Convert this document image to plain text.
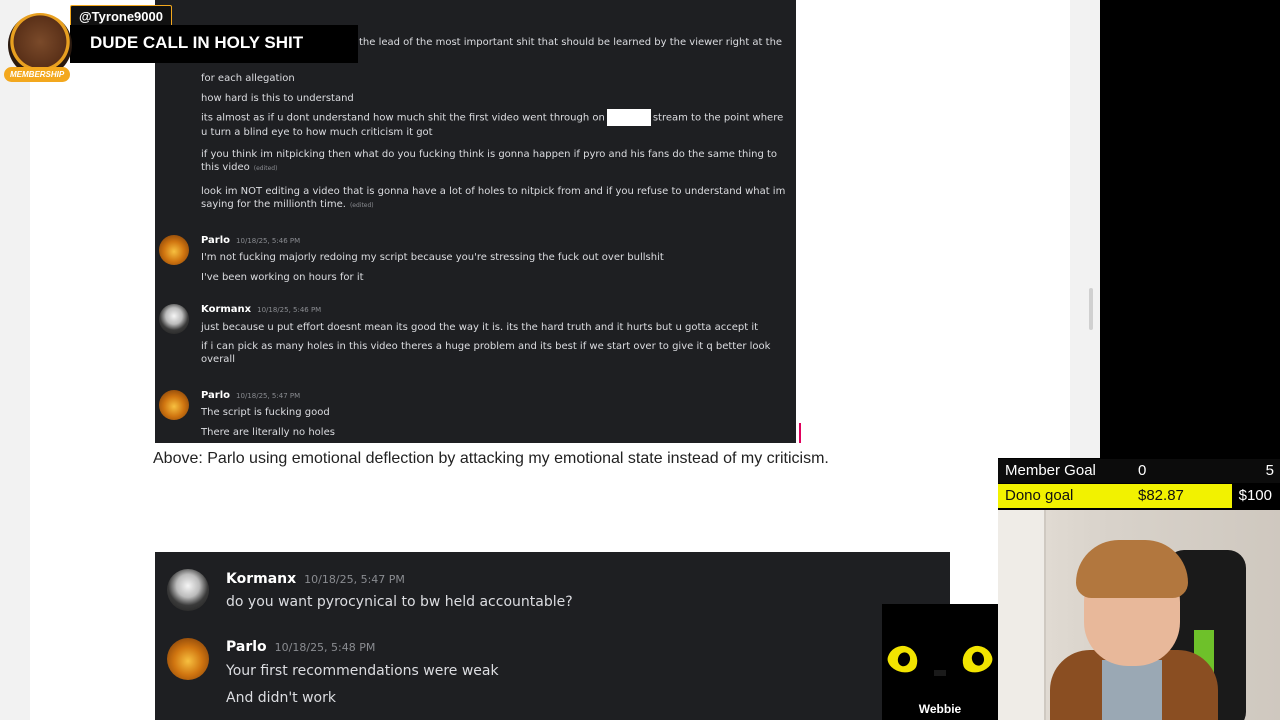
the lead of the most important shit that should be learned by the viewer right at the
for each allegation
how hard is this to understand
its almost as if u dont understand how much shit the first video went through on	stream to the point where u turn a blind eye to how much criticism it got
if you think im nitpicking then what do you fucking think is gonna happen if pyro and his fans do the same thing to this video (edited)
look im NOT editing a video that is gonna have a lot of holes to nitpick from and if you refuse to understand what im saying for the millionth time. (edited)
Parlo 10/18/25, 5:46 PM
I'm not fucking majorly redoing my script because you're stressing the fuck out over bullshit
I've been working on hours for it
Kormanx 10/18/25, 5:46 PM
just because u put effort doesnt mean its good the way it is. its the hard truth and it hurts but u gotta accept it
if i can pick as many holes in this video theres a huge problem and its best if we start over to give it q better look overall
Parlo 10/18/25, 5:47 PM
The script is fucking good
There are literally no holes
Above: Parlo using emotional deflection by attacking my emotional state instead of my criticism.
Kormanx 10/18/25, 5:47 PM
do you want pyrocynical to bw held accountable?
Parlo 10/18/25, 5:48 PM
Your first recommendations were weak
And didn't work
@Tyrone9000
DUDE CALL IN HOLY SHIT
MEMBERSHIP
Member Goal	0	5
Dono goal	$82.87	$100
Webbie
